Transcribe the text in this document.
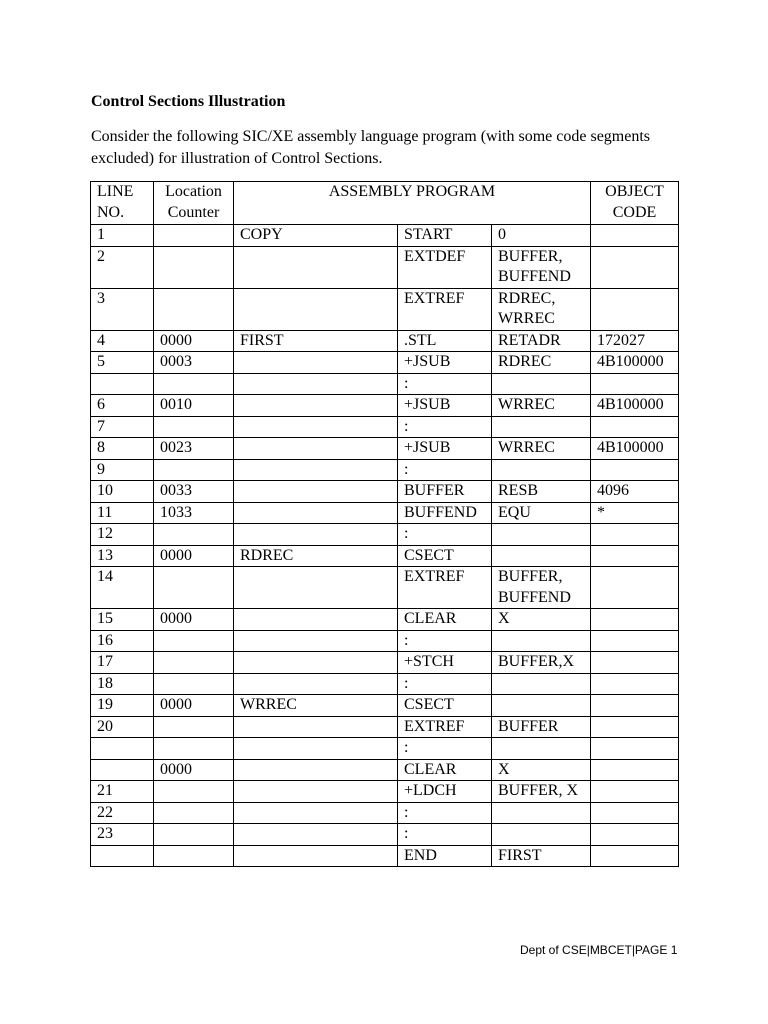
Control Sections Illustration

Consider the following SIC/XE assembly language program (with some code segments excluded) for illustration of Control Sections.

LINE NO.	Location Counter	ASSEMBLY PROGRAM			OBJECT CODE
1		COPY	START	0	
2			EXTDEF	BUFFER, BUFFEND	
3			EXTREF	RDREC, WRREC	
4	0000	FIRST	.STL	RETADR	172027
5	0003		+JSUB	RDREC	4B100000
			:		
6	0010		+JSUB	WRREC	4B100000
7			:		
8	0023		+JSUB	WRREC	4B100000
9			:		
10	0033		BUFFER	RESB	4096
11	1033		BUFFEND	EQU	*
12			:		
13	0000	RDREC	CSECT		
14			EXTREF	BUFFER, BUFFEND	
15	0000		CLEAR	X	
16			:		
17			+STCH	BUFFER,X	
18			:		
19	0000	WRREC	CSECT		
20			EXTREF	BUFFER	
			:		
	0000		CLEAR	X	
21			+LDCH	BUFFER, X	
22			:		
23			:		
			END	FIRST	
Dept of CSE|MBCET|PAGE 1
